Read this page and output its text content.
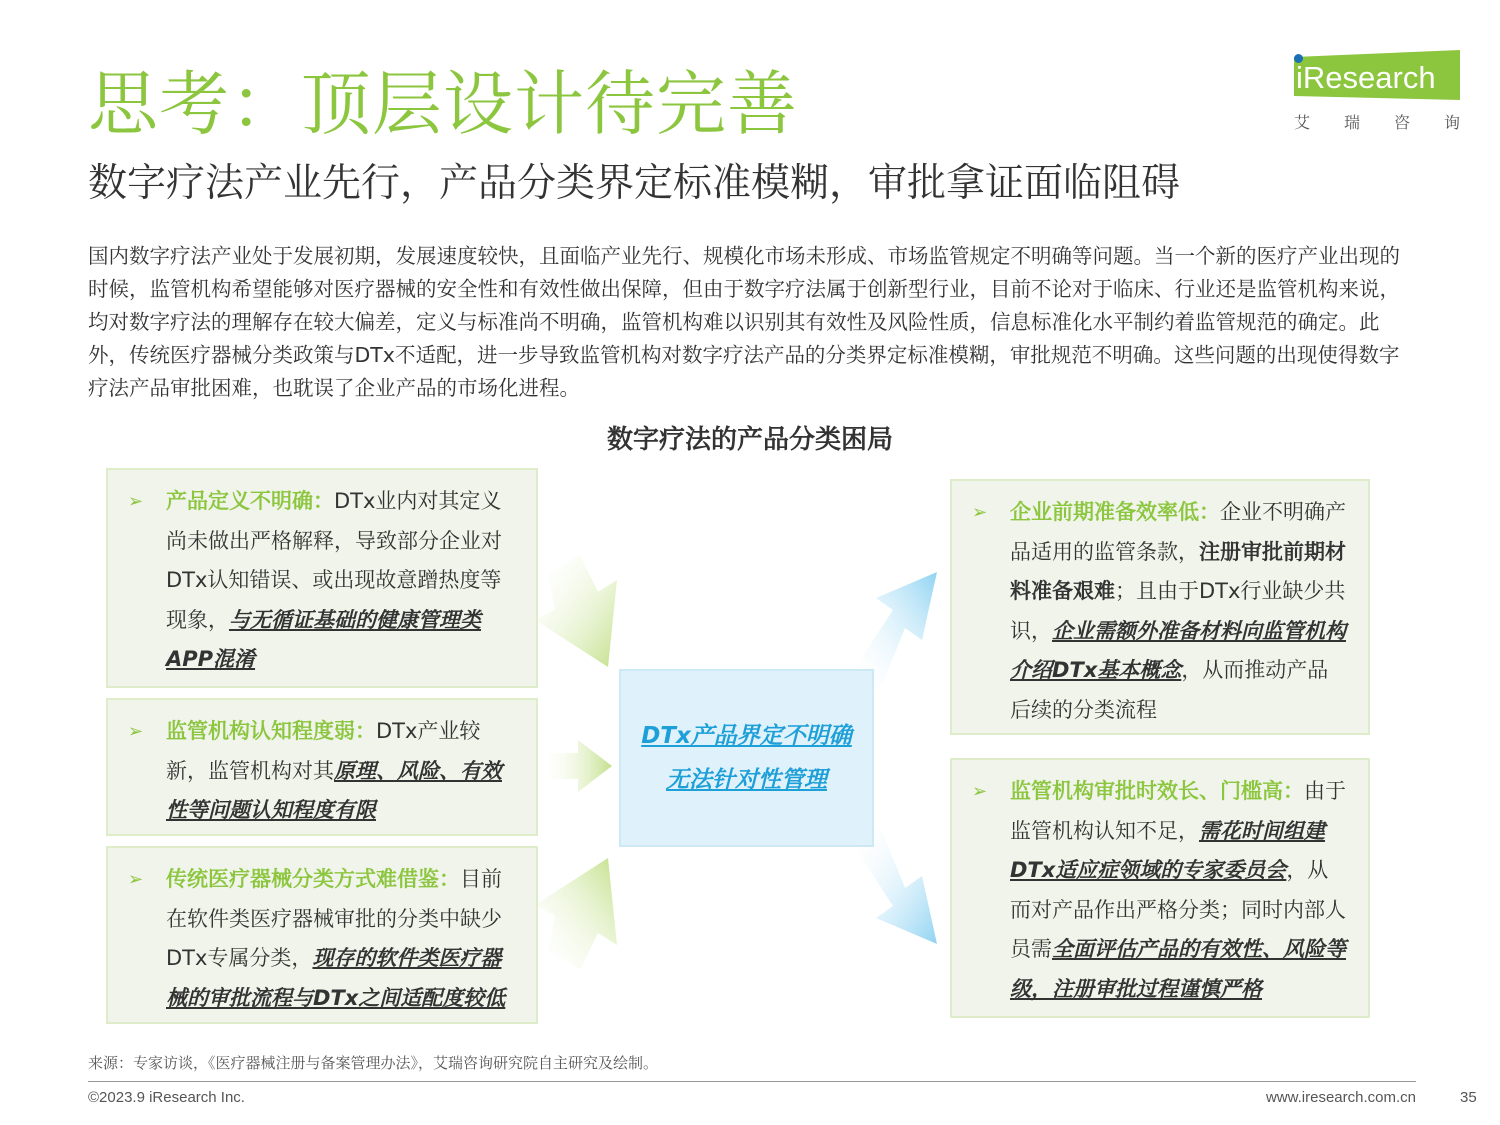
思考：顶层设计待完善
数字疗法产业先行，产品分类界定标准模糊，审批拿证面临阻碍
iResearch
艾 瑞 咨 询
国内数字疗法产业处于发展初期，发展速度较快，且面临产业先行、规模化市场未形成、市场监管规定不明确等问题。当一个新的医疗产业出现的时候，监管机构希望能够对医疗器械的安全性和有效性做出保障，但由于数字疗法属于创新型行业，目前不论对于临床、行业还是监管机构来说，均对数字疗法的理解存在较大偏差，定义与标准尚不明确，监管机构难以识别其有效性及风险性质，信息标准化水平制约着监管规范的确定。此外，传统医疗器械分类政策与DTx不适配，进一步导致监管机构对数字疗法产品的分类界定标准模糊，审批规范不明确。这些问题的出现使得数字疗法产品审批困难，也耽误了企业产品的市场化进程。
数字疗法的产品分类困局
➢ 产品定义不明确：DTx业内对其定义尚未做出严格解释，导致部分企业对DTx认知错误、或出现故意蹭热度等现象，与无循证基础的健康管理类APP混淆
➢ 监管机构认知程度弱：DTx产业较新，监管机构对其原理、风险、有效性等问题认知程度有限
➢ 传统医疗器械分类方式难借鉴：目前在软件类医疗器械审批的分类中缺少DTx专属分类，现存的软件类医疗器械的审批流程与DTx之间适配度较低
DTx产品界定不明确
无法针对性管理
➢ 企业前期准备效率低：企业不明确产品适用的监管条款，注册审批前期材料准备艰难；且由于DTx行业缺少共识，企业需额外准备材料向监管机构介绍DTx基本概念，从而推动产品后续的分类流程
➢ 监管机构审批时效长、门槛高：由于监管机构认知不足，需花时间组建DTx适应症领域的专家委员会，从而对产品作出严格分类；同时内部人员需全面评估产品的有效性、风险等级，注册审批过程谨慎严格
来源：专家访谈，《医疗器械注册与备案管理办法》，艾瑞咨询研究院自主研究及绘制。
©2023.9 iResearch Inc.	www.iresearch.com.cn	35
